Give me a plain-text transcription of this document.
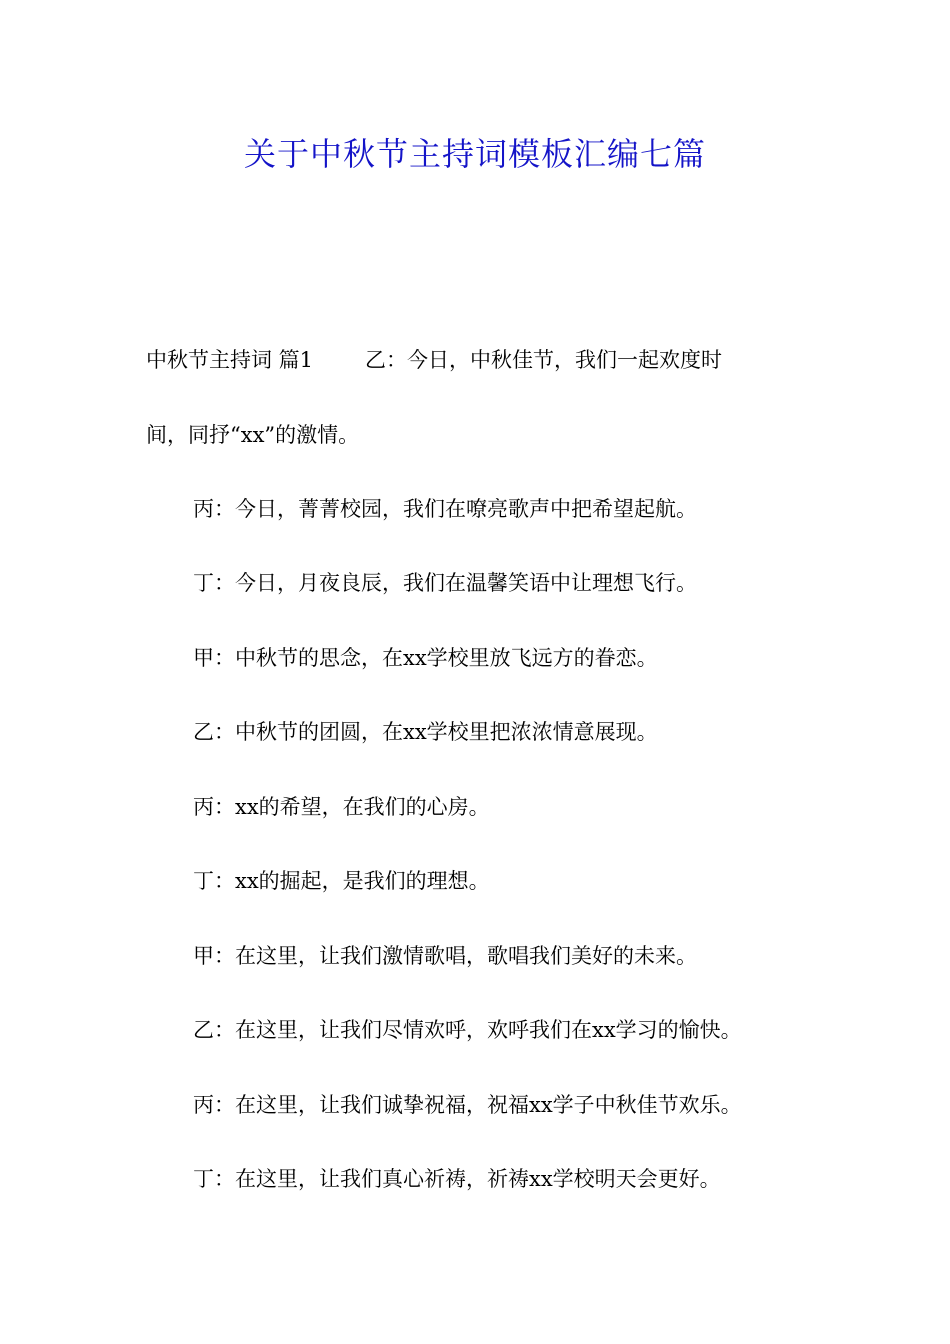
关于中秋节主持词模板汇编七篇

中秋节主持词 篇1 乙：今日，中秋佳节，我们一起欢度时

间，同抒“xx”的激情。

丙：今日，菁菁校园，我们在嘹亮歌声中把希望起航。

丁：今日，月夜良辰，我们在温馨笑语中让理想飞行。

甲：中秋节的思念，在xx学校里放飞远方的眷恋。

乙：中秋节的团圆，在xx学校里把浓浓情意展现。

丙：xx的希望，在我们的心房。

丁：xx的掘起，是我们的理想。

甲：在这里，让我们激情歌唱，歌唱我们美好的未来。

乙：在这里，让我们尽情欢呼，欢呼我们在xx学习的愉快。

丙：在这里，让我们诚挚祝福，祝福xx学子中秋佳节欢乐。

丁：在这里，让我们真心祈祷，祈祷xx学校明天会更好。
